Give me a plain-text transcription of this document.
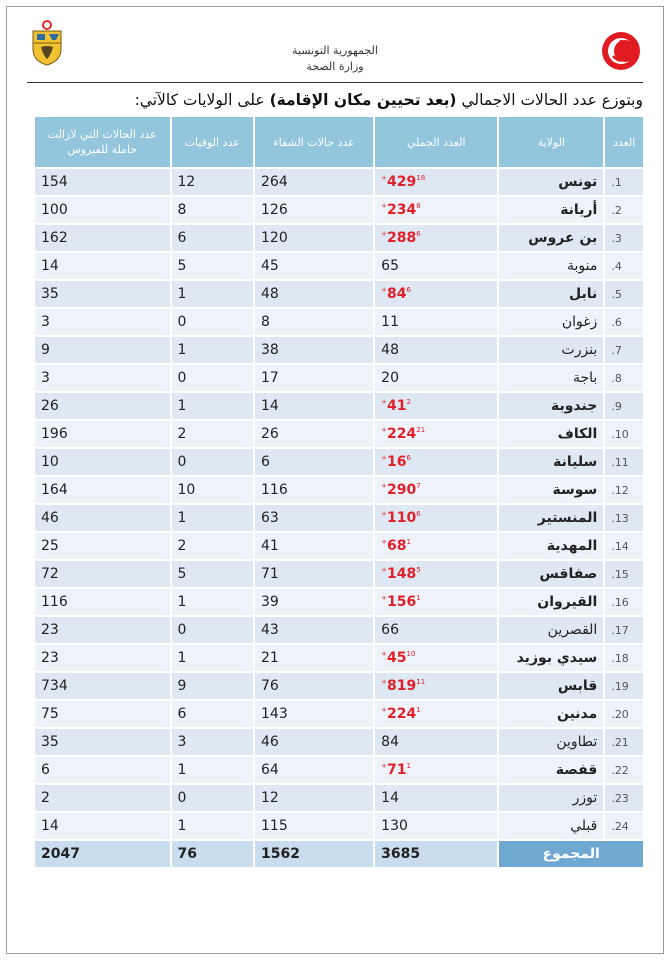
الجمهورية التونسية
وزارة الصحة
وبتوزع عدد الحالات الاجمالي (بعد تحيين مكان الإقامة) على الولايات كالآتي:
العدد	الولاية	العدد الجملي	عدد حالات الشفاء	عدد الوفيات	عدد الحالات التي لازالت حاملة للفيروس
1.	تونس	$429^{18+}$	264	12	154
2.	أريانة	$234^{8+}$	126	8	100
3.	بن عروس	$288^{6+}$	120	6	162
4.	منوبة	65	45	5	14
5.	نابل	$84^{6+}$	48	1	35
6.	زغوان	11	8	0	3
7.	بنزرت	48	38	1	9
8.	باجة	20	17	0	3
9.	جندوبة	$41^{2+}$	14	1	26
10.	الكاف	$224^{21+}$	26	2	196
11.	سليانة	$16^{6+}$	6	0	10
12.	سوسة	$290^{7+}$	116	10	164
13.	المنستير	$110^{6+}$	63	1	46
14.	المهدية	$68^{1+}$	41	2	25
15.	صفاقس	$148^{5+}$	71	5	72
16.	القيروان	$156^{1+}$	39	1	116
17.	القصرين	66	43	0	23
18.	سيدي بوزيد	$45^{10+}$	21	1	23
19.	قابس	$819^{11+}$	76	9	734
20.	مدنين	$224^{1+}$	143	6	75
21.	تطاوين	84	46	3	35
22.	قفصة	$71^{1+}$	64	1	6
23.	توزر	14	12	0	2
24.	قبلي	130	115	1	14
المجموع		3685	1562	76	2047
